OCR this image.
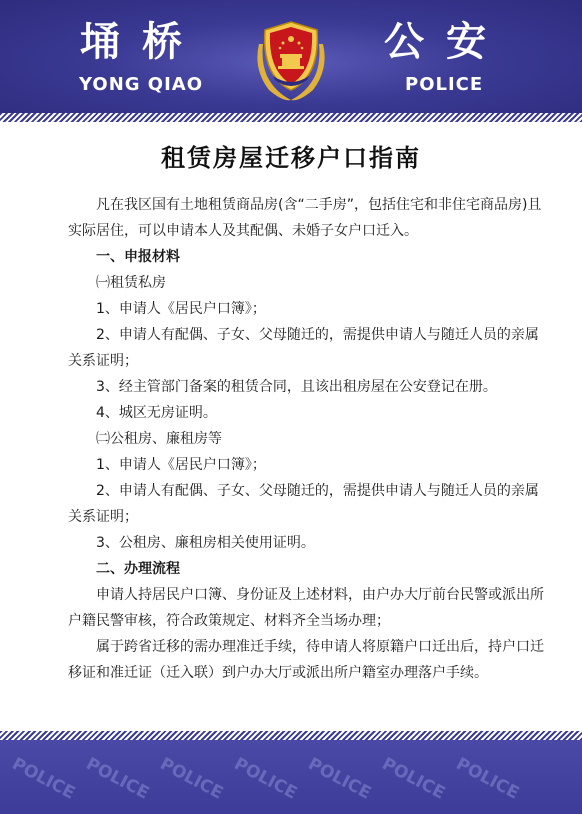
埇桥
YONG QIAO
公安
POLICE
租赁房屋迁移户口指南

凡在我区国有土地租赁商品房(含“二手房”，包括住宅和非住宅商品房)且实际居住，可以申请本人及其配偶、未婚子女户口迁入。

一、申报材料

㈠租赁私房

1、申请人《居民户口簿》；

2、申请人有配偶、子女、父母随迁的，需提供申请人与随迁人员的亲属关系证明；

3、经主管部门备案的租赁合同，且该出租房屋在公安登记在册。

4、城区无房证明。

㈡公租房、廉租房等

1、申请人《居民户口簿》；

2、申请人有配偶、子女、父母随迁的，需提供申请人与随迁人员的亲属关系证明；

3、公租房、廉租房相关使用证明。

二、办理流程

申请人持居民户口簿、身份证及上述材料，由户办大厅前台民警或派出所户籍民警审核，符合政策规定、材料齐全当场办理；

属于跨省迁移的需办理准迁手续，待申请人将原籍户口迁出后，持户口迁移证和准迁证（迁入联）到户办大厅或派出所户籍室办理落户手续。

POLICE POLICE POLICE POLICE POLICE POLICE POLICE
